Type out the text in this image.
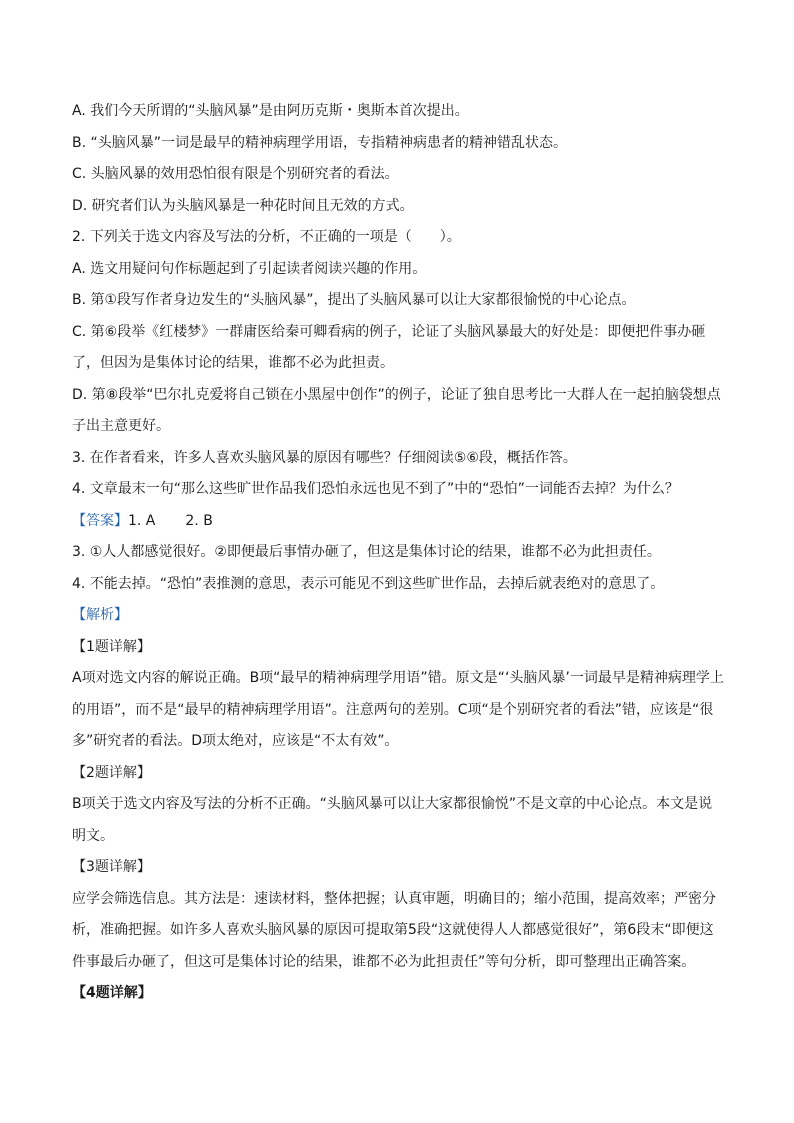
A. 我们今天所谓的“头脑风暴”是由阿历克斯・奥斯本首次提出。
B. “头脑风暴”一词是最早的精神病理学用语，专指精神病患者的精神错乱状态。
C. 头脑风暴的效用恐怕很有限是个别研究者的看法。
D. 研究者们认为头脑风暴是一种花时间且无效的方式。
2. 下列关于选文内容及写法的分析，不正确的一项是（　　）。
A. 选文用疑问句作标题起到了引起读者阅读兴趣的作用。
B. 第①段写作者身边发生的“头脑风暴”，提出了头脑风暴可以让大家都很愉悦的中心论点。
C. 第⑥段举《红楼梦》一群庸医给秦可卿看病的例子，论证了头脑风暴最大的好处是：即便把件事办砸了，但因为是集体讨论的结果，谁都不必为此担责。
D. 第⑧段举“巴尔扎克爱将自己锁在小黑屋中创作”的例子，论证了独自思考比一大群人在一起拍脑袋想点子出主意更好。
3. 在作者看来，许多人喜欢头脑风暴的原因有哪些？仔细阅读⑤⑥段，概括作答。
4. 文章最末一句“那么这些旷世作品我们恐怕永远也见不到了”中的“恐怕”一词能否去掉？为什么？
【答案】1. A 2. B
3. ①人人都感觉很好。②即便最后事情办砸了，但这是集体讨论的结果，谁都不必为此担责任。
4. 不能去掉。“恐怕”表推测的意思，表示可能见不到这些旷世作品，去掉后就表绝对的意思了。
【解析】
【1题详解】
A项对选文内容的解说正确。B项“最早的精神病理学用语”错。原文是“‘头脑风暴’一词最早是精神病理学上的用语”，而不是“最早的精神病理学用语”。注意两句的差别。C项“是个别研究者的看法”错，应该是“很多”研究者的看法。D项太绝对，应该是“不太有效”。
【2题详解】
B项关于选文内容及写法的分析不正确。“头脑风暴可以让大家都很愉悦”不是文章的中心论点。本文是说明文。
【3题详解】
应学会筛选信息。其方法是：速读材料，整体把握；认真审题，明确目的；缩小范围，提高效率；严密分析，准确把握。如许多人喜欢头脑风暴的原因可提取第5段“这就使得人人都感觉很好”，第6段末“即便这件事最后办砸了，但这可是集体讨论的结果，谁都不必为此担责任”等句分析，即可整理出正确答案。
【4题详解】
